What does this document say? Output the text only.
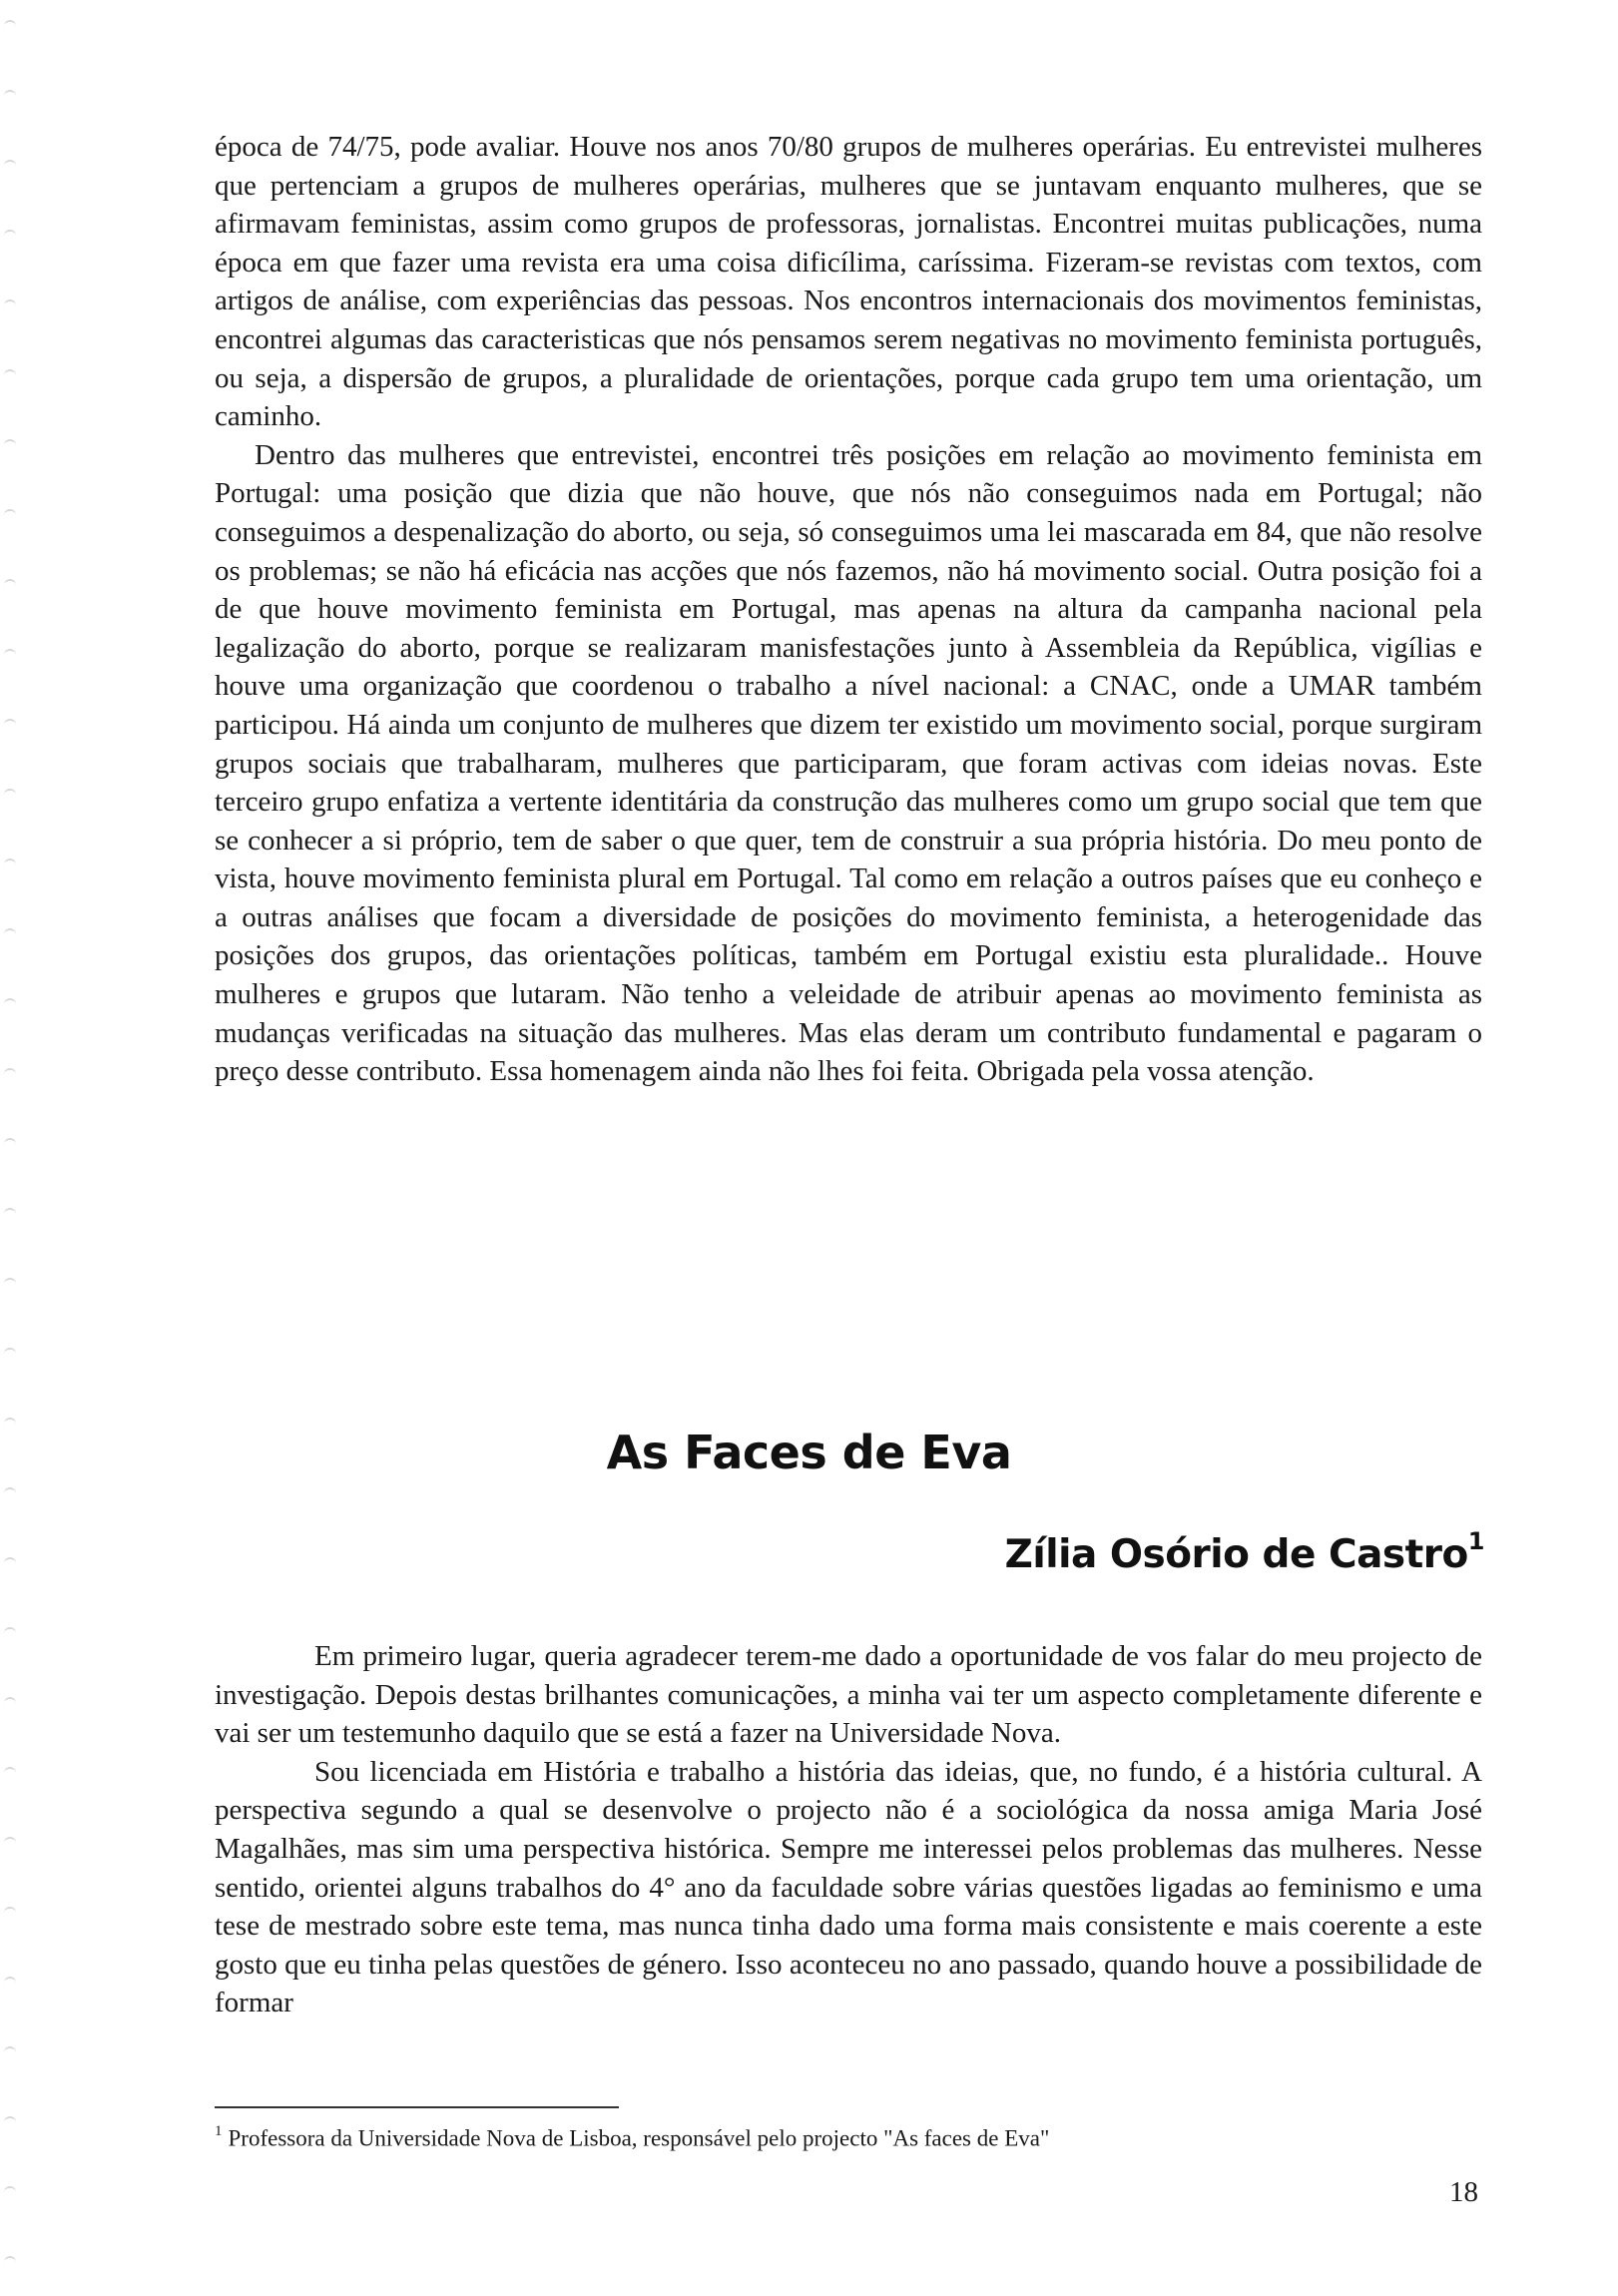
época de 74/75, pode avaliar. Houve nos anos 70/80 grupos de mulheres operárias. Eu entrevistei mulheres que pertenciam a grupos de mulheres operárias, mulheres que se juntavam enquanto mulheres, que se afirmavam feministas, assim como grupos de professoras, jornalistas. Encontrei muitas publicações, numa época em que fazer uma revista era uma coisa dificílima, caríssima. Fizeram-se revistas com textos, com artigos de análise, com experiências das pessoas. Nos encontros internacionais dos movimentos feministas, encontrei algumas das caracteristicas que nós pensamos serem negativas no movimento feminista português, ou seja, a dispersão de grupos, a pluralidade de orientações, porque cada grupo tem uma orientação, um caminho.

Dentro das mulheres que entrevistei, encontrei três posições em relação ao movimento feminista em Portugal: uma posição que dizia que não houve, que nós não conseguimos nada em Portugal; não conseguimos a despenalização do aborto, ou seja, só conseguimos uma lei mascarada em 84, que não resolve os problemas; se não há eficácia nas acções que nós fazemos, não há movimento social. Outra posição foi a de que houve movimento feminista em Portugal, mas apenas na altura da campanha nacional pela legalização do aborto, porque se realizaram manisfestações junto à Assembleia da República, vigílias e houve uma organização que coordenou o trabalho a nível nacional: a CNAC, onde a UMAR também participou. Há ainda um conjunto de mulheres que dizem ter existido um movimento social, porque surgiram grupos sociais que trabalharam, mulheres que participaram, que foram activas com ideias novas. Este terceiro grupo enfatiza a vertente identitária da construção das mulheres como um grupo social que tem que se conhecer a si próprio, tem de saber o que quer, tem de construir a sua própria história. Do meu ponto de vista, houve movimento feminista plural em Portugal. Tal como em relação a outros países que eu conheço e a outras análises que focam a diversidade de posições do movimento feminista, a heterogenidade das posições dos grupos, das orientações políticas, também em Portugal existiu esta pluralidade.. Houve mulheres e grupos que lutaram. Não tenho a veleidade de atribuir apenas ao movimento feminista as mudanças verificadas na situação das mulheres. Mas elas deram um contributo fundamental e pagaram o preço desse contributo. Essa homenagem ainda não lhes foi feita. Obrigada pela vossa atenção.

As Faces de Eva
Zília Osório de Castro$^1$

Em primeiro lugar, queria agradecer terem-me dado a oportunidade de vos falar do meu projecto de investigação. Depois destas brilhantes comunicações, a minha vai ter um aspecto completamente diferente e vai ser um testemunho daquilo que se está a fazer na Universidade Nova.

Sou licenciada em História e trabalho a história das ideias, que, no fundo, é a história cultural. A perspectiva segundo a qual se desenvolve o projecto não é a sociológica da nossa amiga Maria José Magalhães, mas sim uma perspectiva histórica. Sempre me interessei pelos problemas das mulheres. Nesse sentido, orientei alguns trabalhos do 4° ano da faculdade sobre várias questões ligadas ao feminismo e uma tese de mestrado sobre este tema, mas nunca tinha dado uma forma mais consistente e mais coerente a este gosto que eu tinha pelas questões de género. Isso aconteceu no ano passado, quando houve a possibilidade de formar

$^1$ Professora da Universidade Nova de Lisboa, responsável pelo projecto "As faces de Eva"
18
